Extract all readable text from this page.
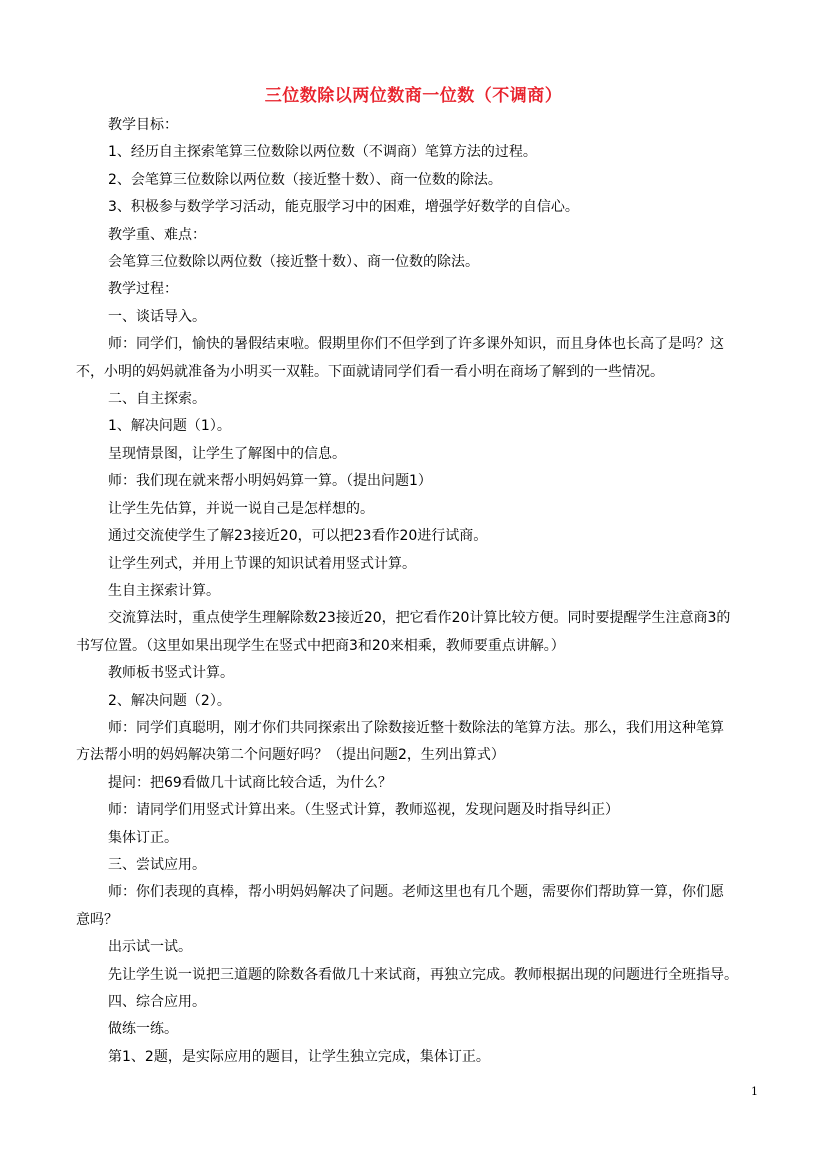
三位数除以两位数商一位数（不调商）
教学目标：
1、经历自主探索笔算三位数除以两位数（不调商）笔算方法的过程。
2、会笔算三位数除以两位数（接近整十数）、商一位数的除法。
3、积极参与数学学习活动，能克服学习中的困难，增强学好数学的自信心。
教学重、难点：
会笔算三位数除以两位数（接近整十数）、商一位数的除法。
教学过程：
一、谈话导入。
师：同学们，愉快的暑假结束啦。假期里你们不但学到了许多课外知识，而且身体也长高了是吗？这
不，小明的妈妈就准备为小明买一双鞋。下面就请同学们看一看小明在商场了解到的一些情况。
二、自主探索。
1、解决问题（1）。
呈现情景图，让学生了解图中的信息。
师：我们现在就来帮小明妈妈算一算。（提出问题1）
让学生先估算，并说一说自己是怎样想的。
通过交流使学生了解23接近20，可以把23看作20进行试商。
让学生列式，并用上节课的知识试着用竖式计算。
生自主探索计算。
交流算法时，重点使学生理解除数23接近20，把它看作20计算比较方便。同时要提醒学生注意商3的
书写位置。（这里如果出现学生在竖式中把商3和20来相乘，教师要重点讲解。）
教师板书竖式计算。
2、解决问题（2）。
师：同学们真聪明，刚才你们共同探索出了除数接近整十数除法的笔算方法。那么，我们用这种笔算
方法帮小明的妈妈解决第二个问题好吗？（提出问题2，生列出算式）
提问：把69看做几十试商比较合适，为什么？
师：请同学们用竖式计算出来。（生竖式计算，教师巡视，发现问题及时指导纠正）
集体订正。
三、尝试应用。
师：你们表现的真棒，帮小明妈妈解决了问题。老师这里也有几个题，需要你们帮助算一算，你们愿
意吗？
出示试一试。
先让学生说一说把三道题的除数各看做几十来试商，再独立完成。教师根据出现的问题进行全班指导。
四、综合应用。
做练一练。
第1、2题，是实际应用的题目，让学生独立完成，集体订正。
1
